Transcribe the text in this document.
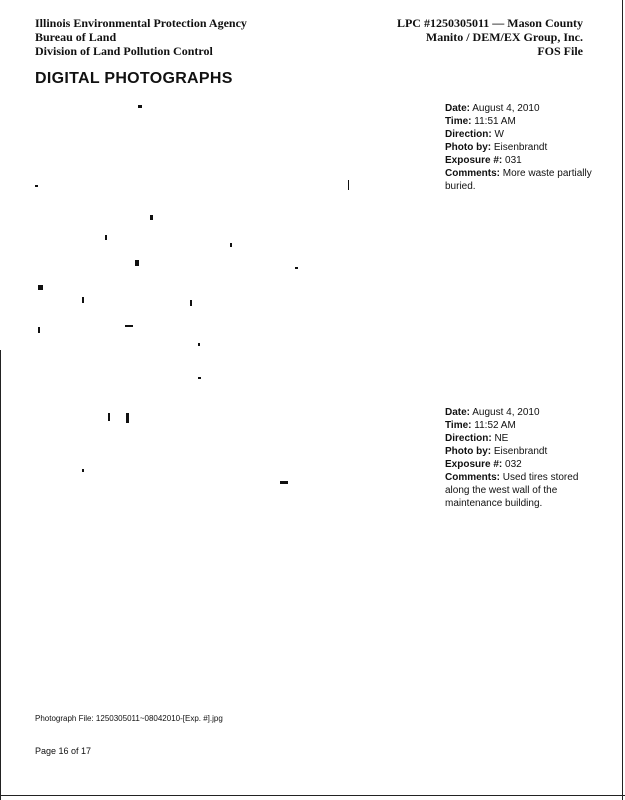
Illinois Environmental Protection Agency
Bureau of Land
Division of Land Pollution Control
LPC #1250305011 — Mason County
Manito / DEM/EX Group, Inc.
FOS File
DIGITAL PHOTOGRAPHS
Date: August 4, 2010
Time: 11:51 AM
Direction: W
Photo by: Eisenbrandt
Exposure #: 031
Comments: More waste partially buried.
Date: August 4, 2010
Time: 11:52 AM
Direction: NE
Photo by: Eisenbrandt
Exposure #: 032
Comments: Used tires stored along the west wall of the maintenance building.
Photograph File: 1250305011~08042010-[Exp. #].jpg
Page 16 of 17
